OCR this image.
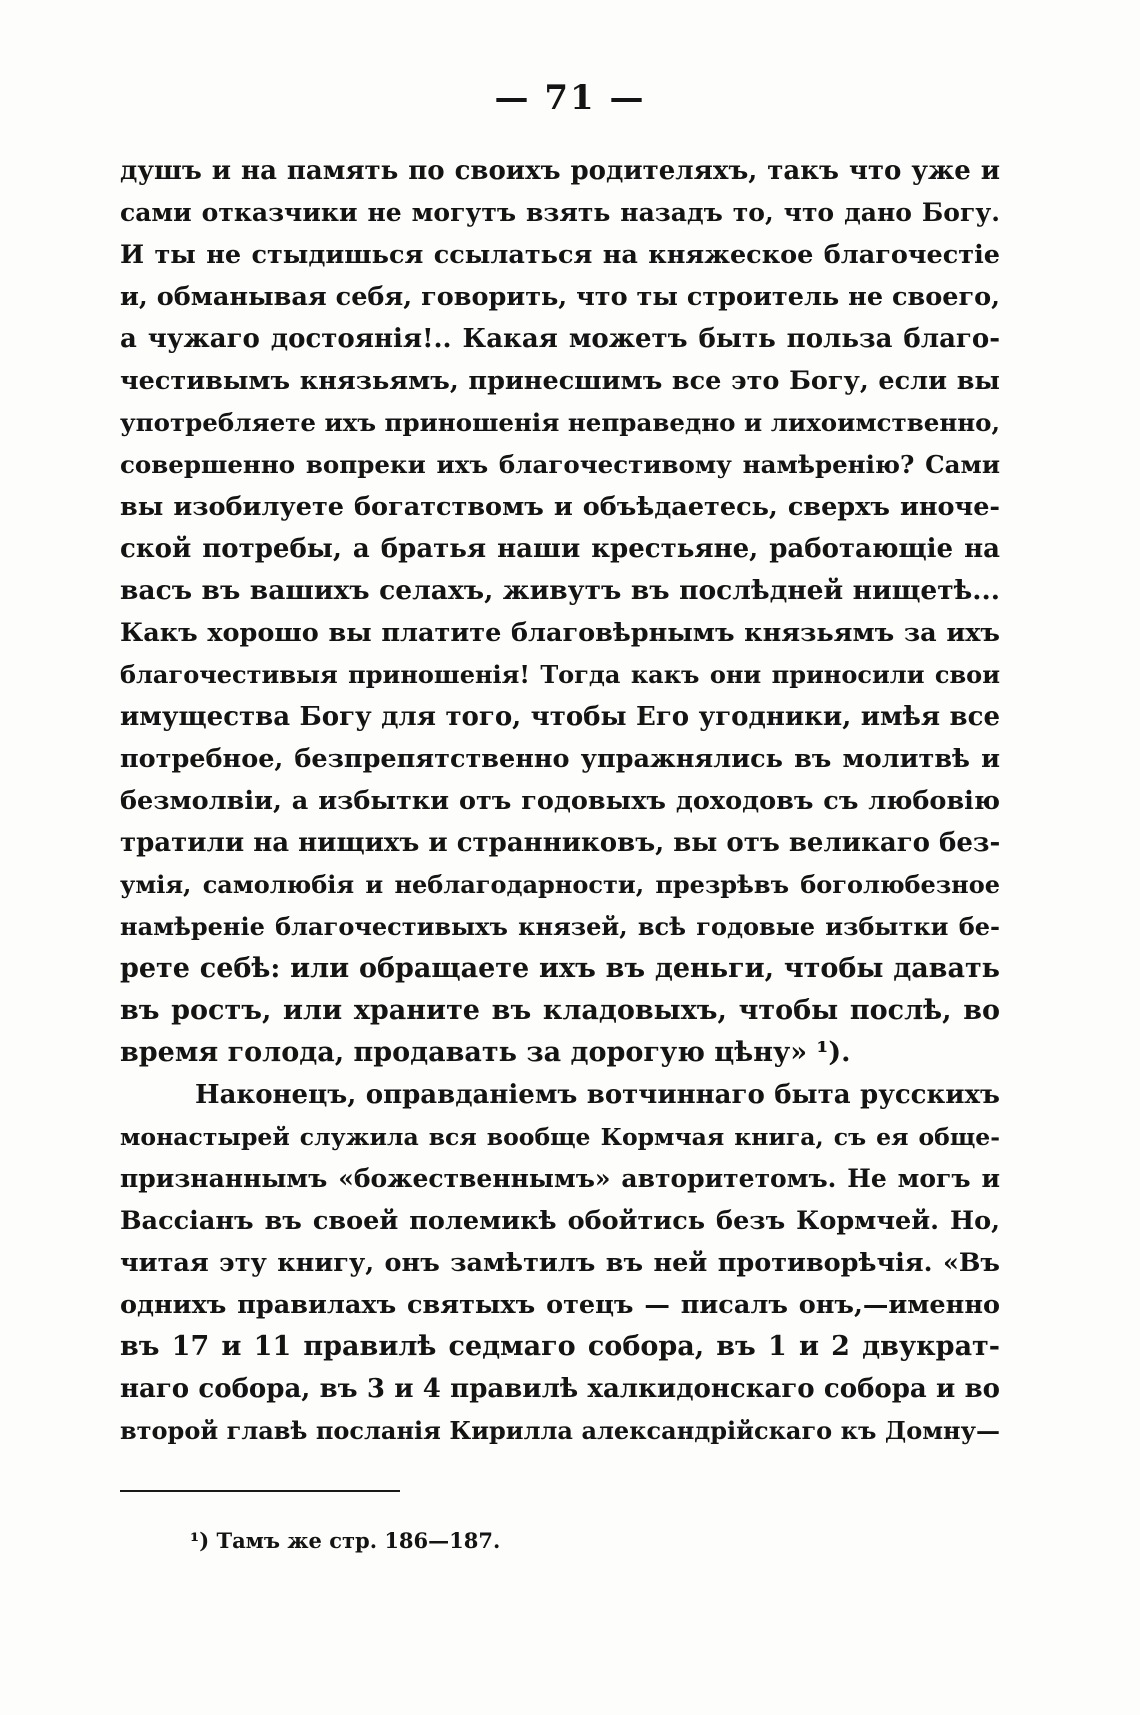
— 71 —
душъ и на память по своихъ родителяхъ, такъ что уже и
сами отказчики не могутъ взять назадъ то, что дано Богу.
И ты не стыдишься ссылаться на княжеское благочестіе
и, обманывая себя, говорить, что ты строитель не своего,
а чужаго достоянія!.. Какая можетъ быть польза благо-
честивымъ князьямъ, принесшимъ все это Богу, если вы
употребляете ихъ приношенія неправедно и лихоимственно,
совершенно вопреки ихъ благочестивому намѣренію? Сами
вы изобилуете богатствомъ и объѣдаетесь, сверхъ иноче-
ской потребы, а братья наши крестьяне, работающіе на
васъ въ вашихъ селахъ, живутъ въ послѣдней нищетѣ...
Какъ хорошо вы платите благовѣрнымъ князьямъ за ихъ
благочестивыя приношенія! Тогда какъ они приносили свои
имущества Богу для того, чтобы Его угодники, имѣя все
потребное, безпрепятственно упражнялись въ молитвѣ и
безмолвіи, а избытки отъ годовыхъ доходовъ съ любовію
тратили на нищихъ и странниковъ, вы отъ великаго без-
умія, самолюбія и неблагодарности, презрѣвъ боголюбезное
намѣреніе благочестивыхъ князей, всѣ годовые избытки бе-
рете себѣ: или обращаете ихъ въ деньги, чтобы давать
въ ростъ, или храните въ кладовыхъ, чтобы послѣ, во
время голода, продавать за дорогую цѣну» ¹).
Наконецъ, оправданіемъ вотчиннаго быта русскихъ
монастырей служила вся вообще Кормчая книга, съ ея обще-
признаннымъ «божественнымъ» авторитетомъ. Не могъ и
Вассіанъ въ своей полемикѣ обойтись безъ Кормчей. Но,
читая эту книгу, онъ замѣтилъ въ ней противорѣчія. «Въ
однихъ правилахъ святыхъ отецъ — писалъ онъ,—именно
въ 17 и 11 правилѣ седмаго собора, въ 1 и 2 двукрат-
наго собора, въ 3 и 4 правилѣ халкидонскаго собора и во
второй главѣ посланія Кирилла александрійскаго къ Домну—
¹) Тамъ же стр. 186—187.
